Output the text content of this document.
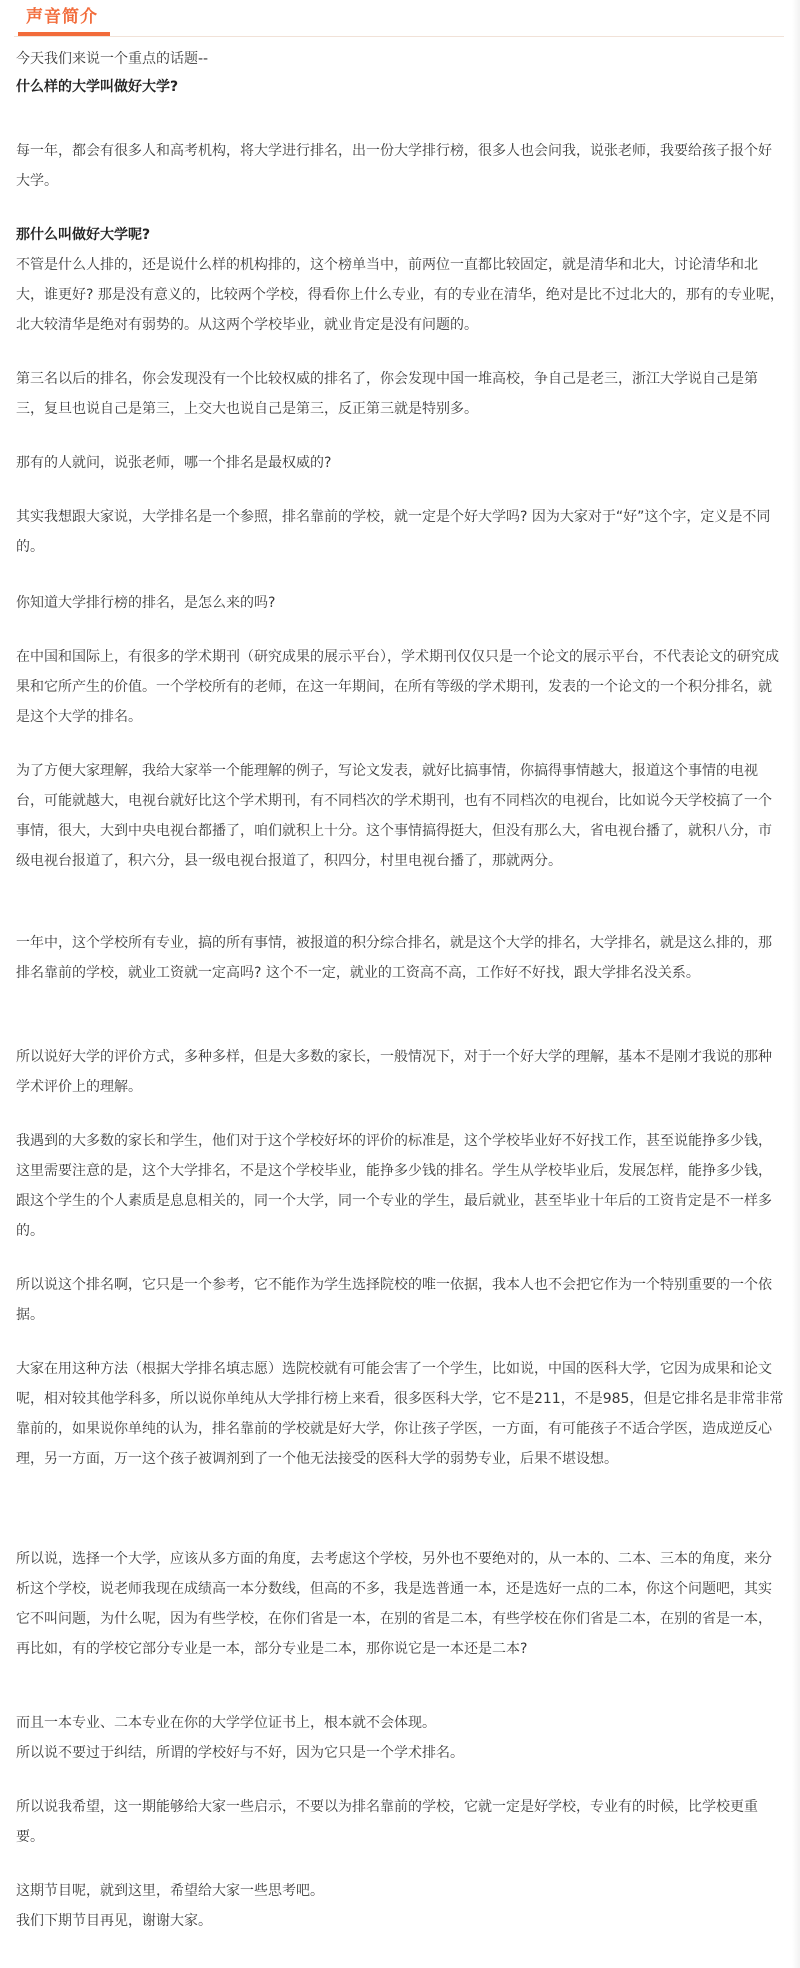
声音简介
今天我们来说一个重点的话题--
什么样的大学叫做好大学?
每一年，都会有很多人和高考机构，将大学进行排名，出一份大学排行榜，很多人也会问我，说张老师，我要给孩子报个好大学。
那什么叫做好大学呢?
不管是什么人排的，还是说什么样的机构排的，这个榜单当中，前两位一直都比较固定，就是清华和北大，讨论清华和北大，谁更好? 那是没有意义的，比较两个学校，得看你上什么专业，有的专业在清华，绝对是比不过北大的，那有的专业呢，北大较清华是绝对有弱势的。从这两个学校毕业，就业肯定是没有问题的。
第三名以后的排名，你会发现没有一个比较权威的排名了，你会发现中国一堆高校，争自己是老三，浙江大学说自己是第三，复旦也说自己是第三，上交大也说自己是第三，反正第三就是特别多。
那有的人就问，说张老师，哪一个排名是最权威的?
其实我想跟大家说，大学排名是一个参照，排名靠前的学校，就一定是个好大学吗? 因为大家对于“好”这个字，定义是不同的。
你知道大学排行榜的排名，是怎么来的吗?
在中国和国际上，有很多的学术期刊（研究成果的展示平台），学术期刊仅仅只是一个论文的展示平台，不代表论文的研究成果和它所产生的价值。一个学校所有的老师，在这一年期间，在所有等级的学术期刊，发表的一个论文的一个积分排名，就是这个大学的排名。
为了方便大家理解，我给大家举一个能理解的例子，写论文发表，就好比搞事情，你搞得事情越大，报道这个事情的电视台，可能就越大，电视台就好比这个学术期刊，有不同档次的学术期刊，也有不同档次的电视台，比如说今天学校搞了一个事情，很大，大到中央电视台都播了，咱们就积上十分。这个事情搞得挺大，但没有那么大，省电视台播了，就积八分，市级电视台报道了，积六分，县一级电视台报道了，积四分，村里电视台播了，那就两分。
一年中，这个学校所有专业，搞的所有事情，被报道的积分综合排名，就是这个大学的排名，大学排名，就是这么排的，那排名靠前的学校，就业工资就一定高吗? 这个不一定，就业的工资高不高，工作好不好找，跟大学排名没关系。
所以说好大学的评价方式，多种多样，但是大多数的家长，一般情况下，对于一个好大学的理解，基本不是刚才我说的那种学术评价上的理解。
我遇到的大多数的家长和学生，他们对于这个学校好坏的评价的标准是，这个学校毕业好不好找工作，甚至说能挣多少钱，这里需要注意的是，这个大学排名，不是这个学校毕业，能挣多少钱的排名。学生从学校毕业后，发展怎样，能挣多少钱，跟这个学生的个人素质是息息相关的，同一个大学，同一个专业的学生，最后就业，甚至毕业十年后的工资肯定是不一样多的。
所以说这个排名啊，它只是一个参考，它不能作为学生选择院校的唯一依据，我本人也不会把它作为一个特别重要的一个依据。
大家在用这种方法（根据大学排名填志愿）选院校就有可能会害了一个学生，比如说，中国的医科大学，它因为成果和论文呢，相对较其他学科多，所以说你单纯从大学排行榜上来看，很多医科大学，它不是211，不是985，但是它排名是非常非常靠前的，如果说你单纯的认为，排名靠前的学校就是好大学，你让孩子学医，一方面，有可能孩子不适合学医，造成逆反心理，另一方面，万一这个孩子被调剂到了一个他无法接受的医科大学的弱势专业，后果不堪设想。
所以说，选择一个大学，应该从多方面的角度，去考虑这个学校，另外也不要绝对的，从一本的、二本、三本的角度，来分析这个学校，说老师我现在成绩高一本分数线，但高的不多，我是选普通一本，还是选好一点的二本，你这个问题吧，其实它不叫问题，为什么呢，因为有些学校，在你们省是一本，在别的省是二本，有些学校在你们省是二本，在别的省是一本，再比如，有的学校它部分专业是一本，部分专业是二本，那你说它是一本还是二本?
而且一本专业、二本专业在你的大学学位证书上，根本就不会体现。
所以说不要过于纠结，所谓的学校好与不好，因为它只是一个学术排名。
所以说我希望，这一期能够给大家一些启示，不要以为排名靠前的学校，它就一定是好学校，专业有的时候，比学校更重要。
这期节目呢，就到这里，希望给大家一些思考吧。
我们下期节目再见，谢谢大家。
